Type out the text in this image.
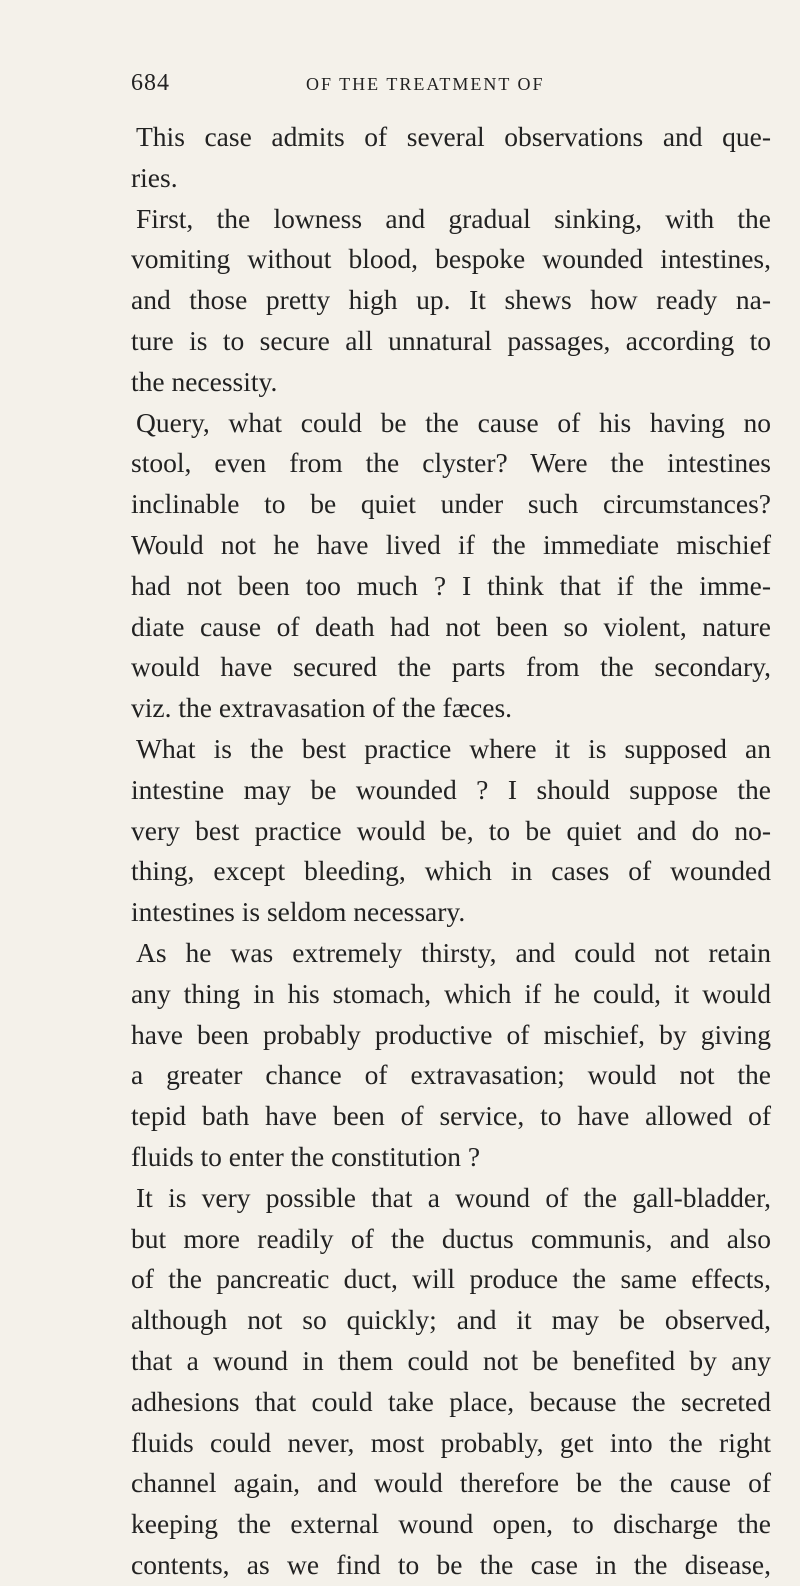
684	OF THE TREATMENT OF

This case admits of several observations and que-
ries.

First, the lowness and gradual sinking, with the
vomiting without blood, bespoke wounded intestines,
and those pretty high up. It shews how ready na-
ture is to secure all unnatural passages, according to
the necessity.

Query, what could be the cause of his having no
stool, even from the clyster? Were the intestines
inclinable to be quiet under such circumstances?
Would not he have lived if the immediate mischief
had not been too much ? I think that if the imme-
diate cause of death had not been so violent, nature
would have secured the parts from the secondary,
viz. the extravasation of the fæces.

What is the best practice where it is supposed an
intestine may be wounded ? I should suppose the
very best practice would be, to be quiet and do no-
thing, except bleeding, which in cases of wounded
intestines is seldom necessary.

As he was extremely thirsty, and could not retain
any thing in his stomach, which if he could, it would
have been probably productive of mischief, by giving
a greater chance of extravasation; would not the
tepid bath have been of service, to have allowed of
fluids to enter the constitution ?

It is very possible that a wound of the gall-bladder,
but more readily of the ductus communis, and also
of the pancreatic duct, will produce the same effects,
although not so quickly; and it may be observed,
that a wound in them could not be benefited by any
adhesions that could take place, because the secreted
fluids could never, most probably, get into the right
channel again, and would therefore be the cause of
keeping the external wound open, to discharge the
contents, as we find to be the case in the disease,
